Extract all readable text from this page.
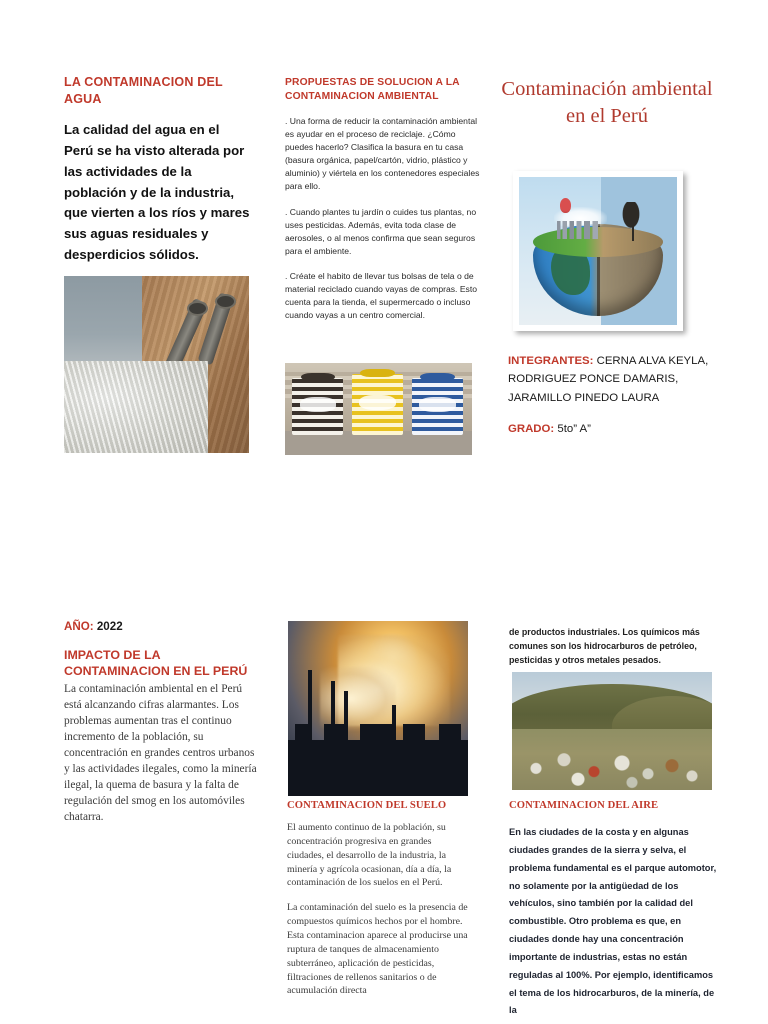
LA CONTAMINACION DEL AGUA
La calidad del agua en el Perú se ha visto alterada por las actividades de la población y de la industria, que vierten a los ríos y mares sus aguas residuales y desperdicios sólidos.
PROPUESTAS DE SOLUCION A LA CONTAMINACION AMBIENTAL

. Una forma de reducir la contaminación ambiental es ayudar en el proceso de reciclaje. ¿Cómo puedes hacerlo? Clasifica la basura en tu casa (basura orgánica, papel/cartón, vidrio, plástico y aluminio) y viértela en los contenedores especiales para ello.

. Cuando plantes tu jardín o cuides tus plantas, no uses pesticidas. Además, evita toda clase de aerosoles, o al menos confirma que sean seguros para el ambiente.

. Créate el habito de llevar tus bolsas de tela o de material reciclado cuando vayas de compras. Esto cuenta para la tienda, el supermercado o incluso cuando vayas a un centro comercial.

Contaminación ambiental en el Perú

INTEGRANTES: CERNA ALVA KEYLA, RODRIGUEZ PONCE DAMARIS, JARAMILLO PINEDO LAURA

GRADO: 5to” A”

AÑO: 2022

IMPACTO DE LA CONTAMINACION EN EL PERÚ
La contaminación ambiental en el Perú está alcanzando cifras alarmantes. Los problemas aumentan tras el continuo incremento de la población, su concentración en grandes centros urbanos y las actividades ilegales, como la minería ilegal, la quema de basura y la falta de regulación del smog en los automóviles chatarra.
CONTAMINACION DEL SUELO

El aumento continuo de la población, su concentración progresiva en grandes ciudades, el desarrollo de la industria, la minería y agrícola ocasionan, día a día, la contaminación de los suelos en el Perú.

La contaminación del suelo es la presencia de compuestos químicos hechos por el hombre. Esta contaminacion aparece al producirse una ruptura de tanques de almacenamiento subterráneo, aplicación de pesticidas, filtraciones de rellenos sanitarios o de acumulación directa

de productos industriales. Los químicos más comunes son los hidrocarburos de petróleo, pesticidas y otros metales pesados.

CONTAMINACION DEL AIRE
En las ciudades de la costa y en algunas ciudades grandes de la sierra y selva, el problema fundamental es el parque automotor, no solamente por la antigüedad de los vehículos, sino también por la calidad del combustible. Otro problema es que, en ciudades donde hay una concentración importante de industrias, estas no están reguladas al 100%. Por ejemplo, identificamos el tema de los hidrocarburos, de la minería, de la
